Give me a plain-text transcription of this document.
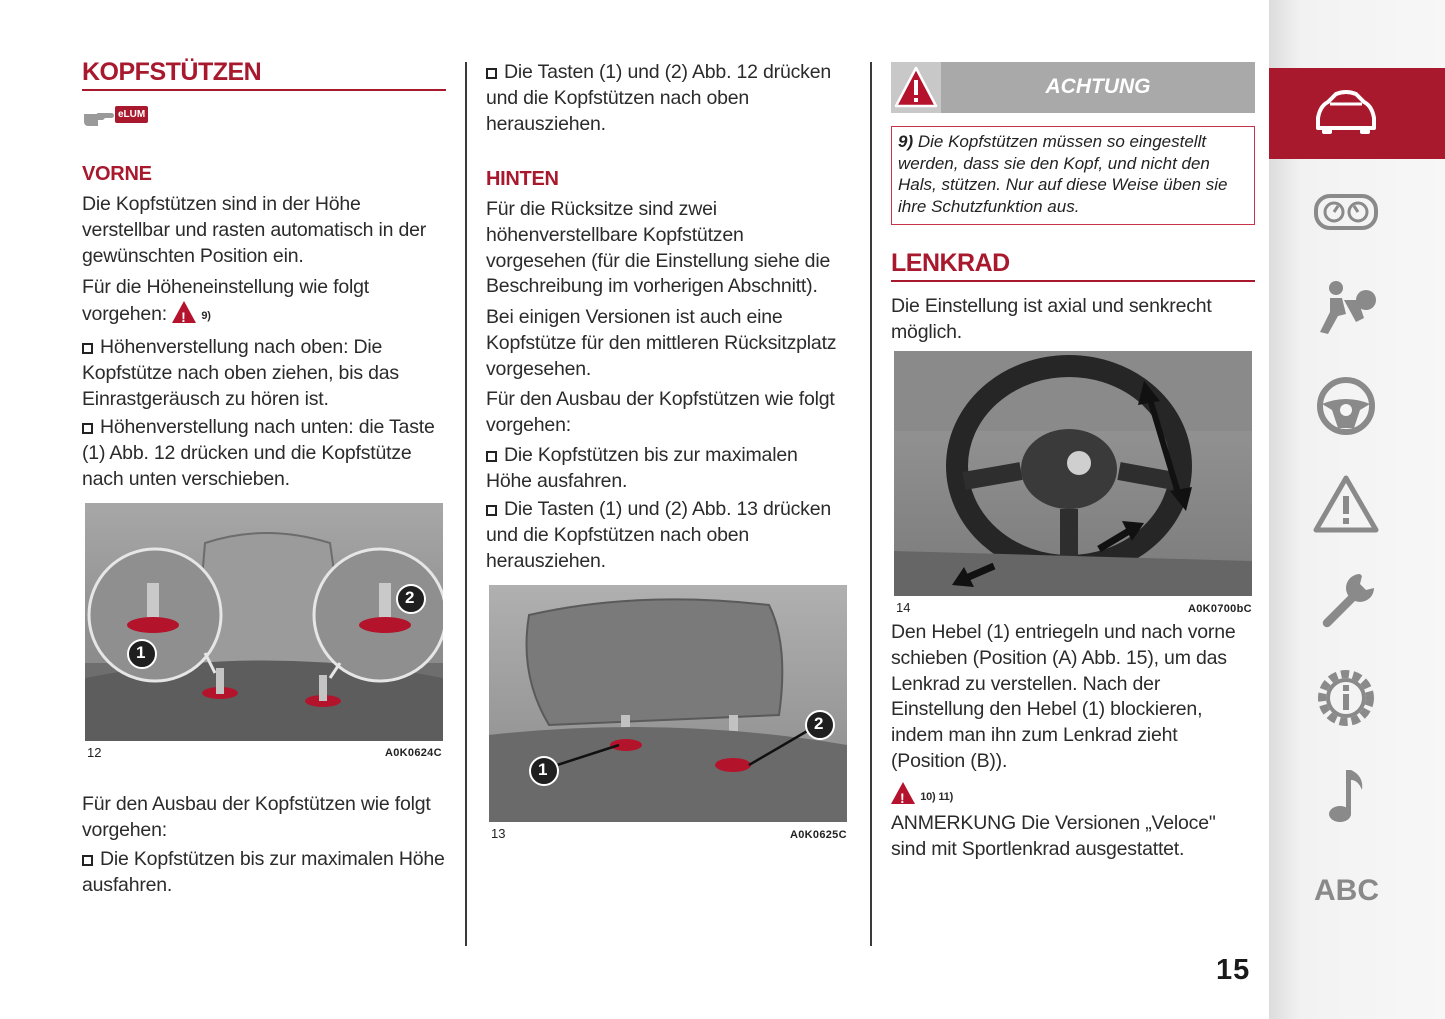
KOPFSTÜTZEN
eLUM
VORNE

Die Kopfstützen sind in der Höhe verstellbar und rasten automatisch in der gewünschten Position ein.

Für die Höheneinstellung wie folgt
vorgehen: !	9)

Höhenverstellung nach oben: Die Kopfstütze nach oben ziehen, bis das Einrastgeräusch zu hören ist.

Höhenverstellung nach unten: die Taste (1) Abb. 12 drücken und die Kopfstütze nach unten verschieben.

1
2
12	A0K0624C

Für den Ausbau der Kopfstützen wie folgt vorgehen:

Die Kopfstützen bis zur maximalen Höhe ausfahren.

Die Tasten (1) und (2) Abb. 12 drücken und die Kopfstützen nach oben herausziehen.

HINTEN

Für die Rücksitze sind zwei höhenverstellbare Kopfstützen vorgesehen (für die Einstellung siehe die Beschreibung im vorherigen Abschnitt).

Bei einigen Versionen ist auch eine Kopfstütze für den mittleren Rücksitzplatz vorgesehen.

Für den Ausbau der Kopfstützen wie folgt vorgehen:

Die Kopfstützen bis zur maximalen Höhe ausfahren.

Die Tasten (1) und (2) Abb. 13 drücken und die Kopfstützen nach oben herausziehen.

1
2
13	A0K0625C
ACHTUNG
9) Die Kopfstützen müssen so eingestellt werden, dass sie den Kopf, und nicht den Hals, stützen. Nur auf diese Weise üben sie ihre Schutzfunktion aus.
LENKRAD

Die Einstellung ist axial und senkrecht möglich.

14	A0K0700bC

Den Hebel (1) entriegeln und nach vorne schieben (Position (A) Abb. 15), um das Lenkrad zu verstellen. Nach der Einstellung den Hebel (1) blockieren, indem man ihn zum Lenkrad zieht (Position (B)).

! 10) 11)

ANMERKUNG Die Versionen „Veloce" sind mit Sportlenkrad ausgestattet.

15
ABC
